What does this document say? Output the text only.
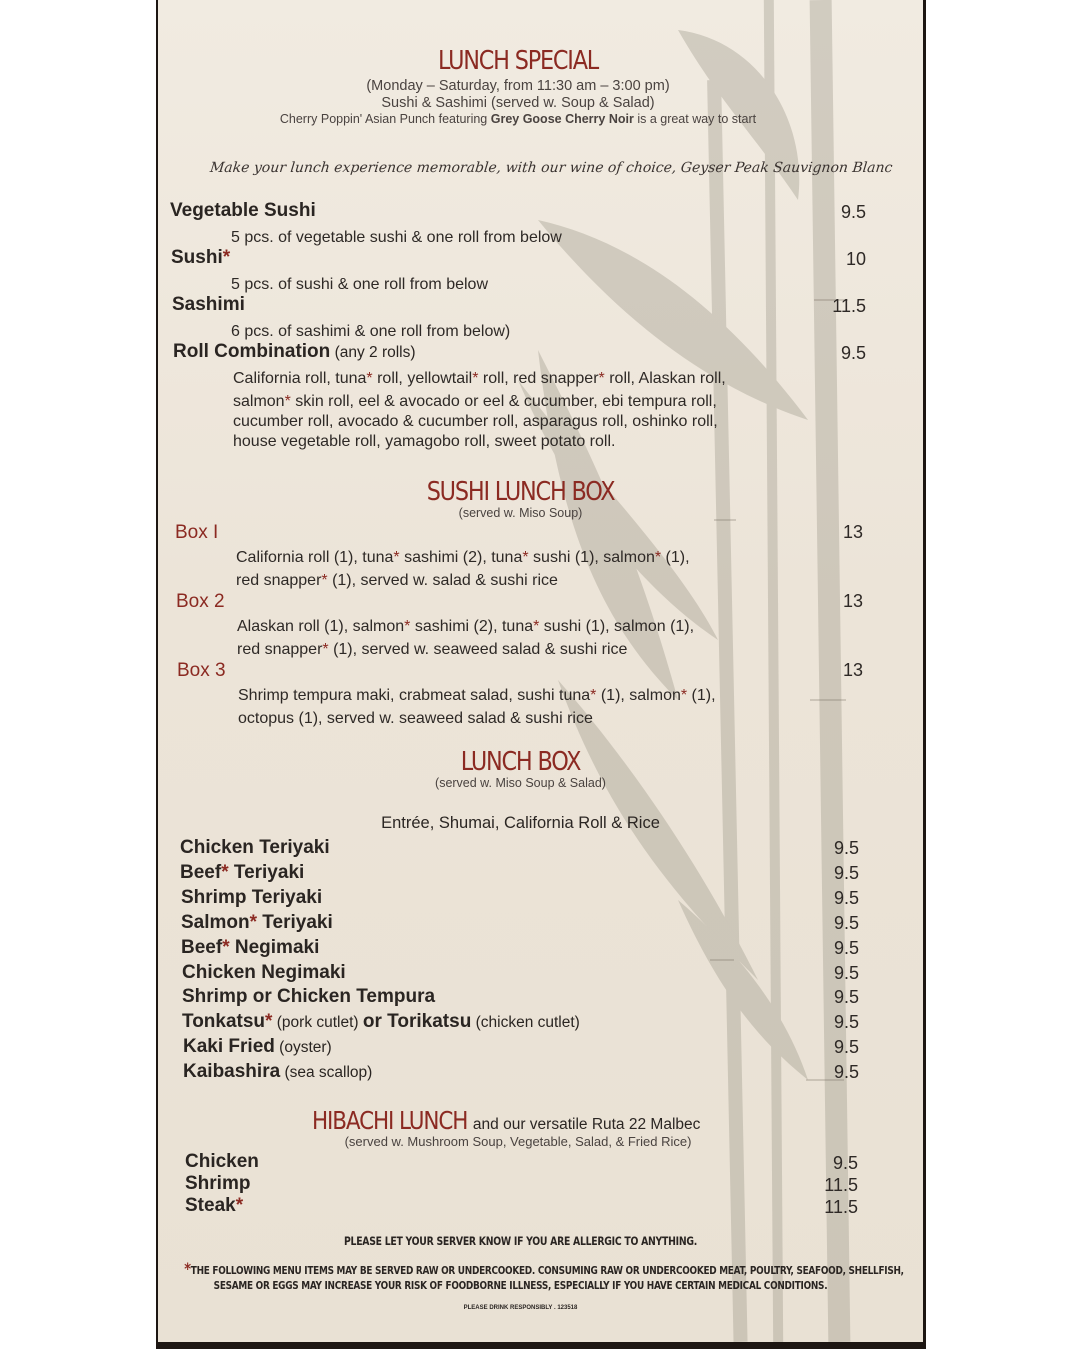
LUNCH SPECIAL
(Monday – Saturday, from 11:30 am – 3:00 pm)
Sushi & Sashimi (served w. Soup & Salad)
Cherry Poppin' Asian Punch featuring Grey Goose Cherry Noir is a great way to start
Make your lunch experience memorable, with our wine of choice, Geyser Peak Sauvignon Blanc
Vegetable Sushi	9.5
5 pcs. of vegetable sushi & one roll from below
Sushi*	10
5 pcs. of sushi & one roll from below
Sashimi	11.5
6 pcs. of sashimi & one roll from below)
Roll Combination (any 2 rolls)	9.5
California roll, tuna* roll, yellowtail* roll, red snapper* roll, Alaskan roll,
salmon* skin roll, eel & avocado or eel & cucumber, ebi tempura roll,
cucumber roll, avocado & cucumber roll, asparagus roll, oshinko roll,
house vegetable roll, yamagobo roll, sweet potato roll.
SUSHI LUNCH BOX
(served w. Miso Soup)
Box I	13
California roll (1), tuna* sashimi (2), tuna* sushi (1), salmon* (1),
red snapper* (1), served w. salad & sushi rice
Box 2	13
Alaskan roll (1), salmon* sashimi (2), tuna* sushi (1), salmon (1),
red snapper* (1), served w. seaweed salad & sushi rice
Box 3	13
Shrimp tempura maki, crabmeat salad, sushi tuna* (1), salmon* (1),
octopus (1), served w. seaweed salad & sushi rice
LUNCH BOX
(served w. Miso Soup & Salad)
Entrée, Shumai, California Roll & Rice
Chicken Teriyaki	9.5
Beef* Teriyaki	9.5
Shrimp Teriyaki	9.5
Salmon* Teriyaki	9.5
Beef* Negimaki	9.5
Chicken Negimaki	9.5
Shrimp or Chicken Tempura	9.5
Tonkatsu* (pork cutlet) or Torikatsu (chicken cutlet)	9.5
Kaki Fried (oyster)	9.5
Kaibashira (sea scallop)	9.5
HIBACHI LUNCH and our versatile Ruta 22 Malbec
(served w. Mushroom Soup, Vegetable, Salad, & Fried Rice)
Chicken	9.5
Shrimp	11.5
Steak*	11.5
PLEASE LET YOUR SERVER KNOW IF YOU ARE ALLERGIC TO ANYTHING.
*THE FOLLOWING MENU ITEMS MAY BE SERVED RAW OR UNDERCOOKED. CONSUMING RAW OR UNDERCOOKED MEAT, POULTRY, SEAFOOD, SHELLFISH,
SESAME OR EGGS MAY INCREASE YOUR RISK OF FOODBORNE ILLNESS, ESPECIALLY IF YOU HAVE CERTAIN MEDICAL CONDITIONS.
PLEASE DRINK RESPONSIBLY . 123518
